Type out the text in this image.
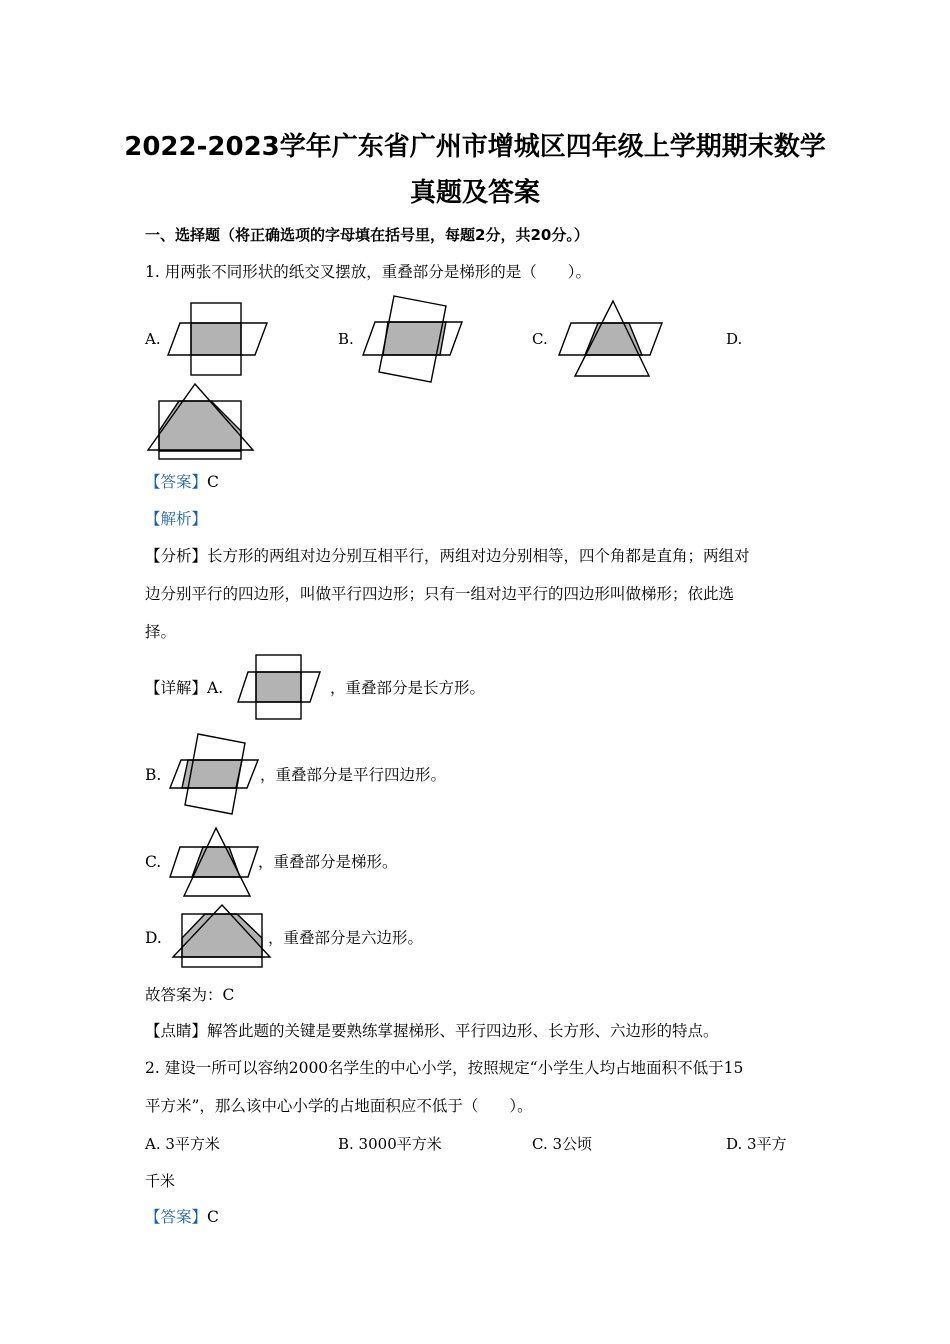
2022-2023学年广东省广州市增城区四年级上学期期末数学
真题及答案
一、选择题（将正确选项的字母填在括号里，每题2分，共20分。）
1. 用两张不同形状的纸交叉摆放，重叠部分是梯形的是（　　）。
A.	B.	C.	D.
【答案】C
【解析】
【分析】长方形的两组对边分别互相平行，两组对边分别相等，四个角都是直角；两组对
边分别平行的四边形，叫做平行四边形；只有一组对边平行的四边形叫做梯形；依此选
择。
【详解】A.	，重叠部分是长方形。
B.	，重叠部分是平行四边形。
C.	，重叠部分是梯形。
D.	，重叠部分是六边形。
故答案为：C
【点睛】解答此题的关键是要熟练掌握梯形、平行四边形、长方形、六边形的特点。
2. 建设一所可以容纳2000名学生的中心小学，按照规定“小学生人均占地面积不低于15
平方米”，那么该中心小学的占地面积应不低于（　　）。
A. 3平方米	B. 3000平方米	C. 3公顷	D. 3平方
千米
【答案】C
